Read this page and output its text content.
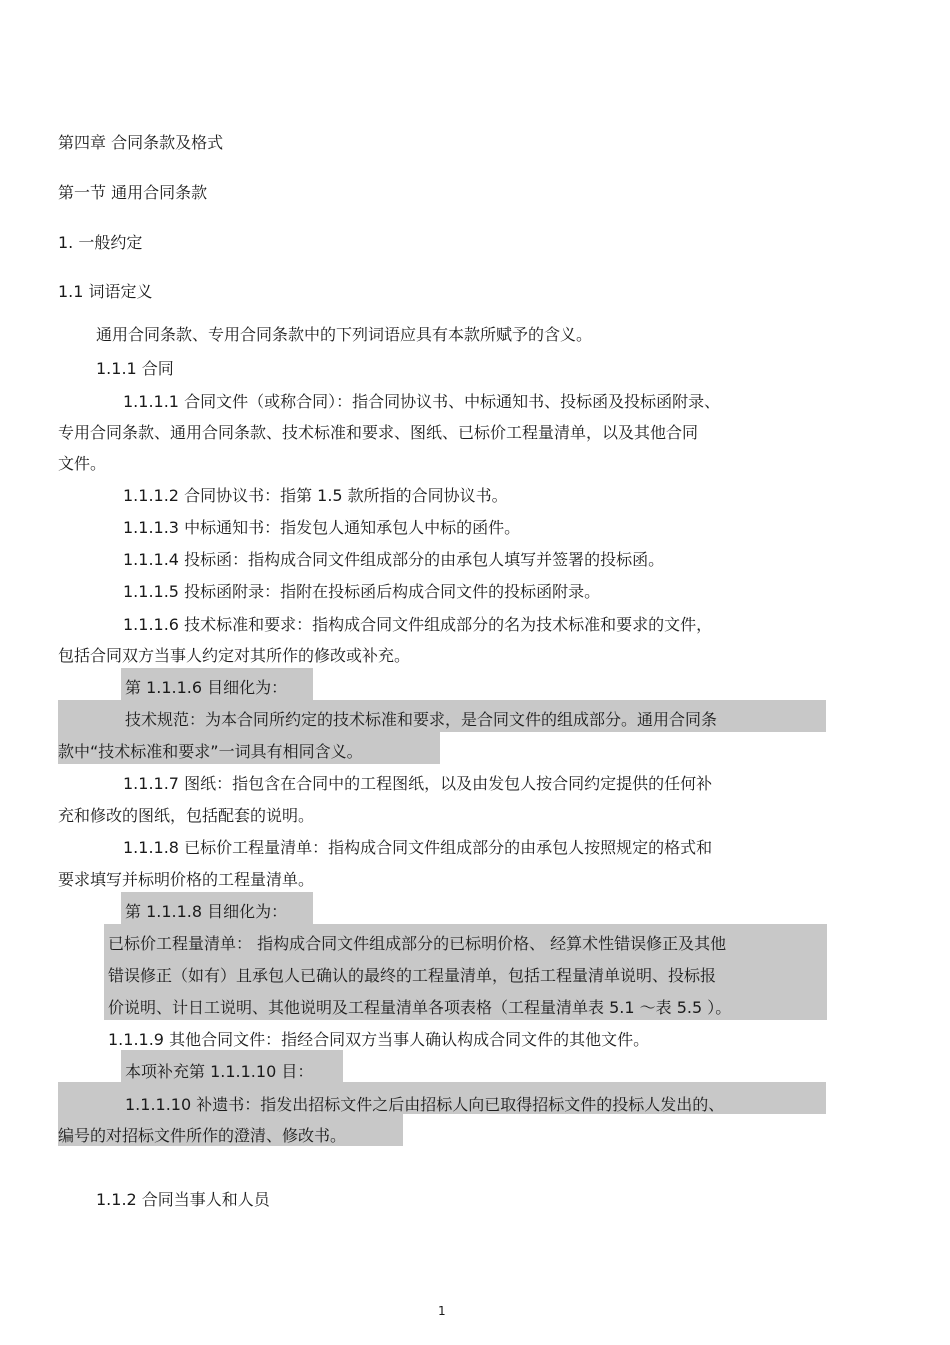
第四章 合同条款及格式
第一节 通用合同条款
1. 一般约定
1.1 词语定义
通用合同条款、专用合同条款中的下列词语应具有本款所赋予的含义。
1.1.1 合同
1.1.1.1 合同文件（或称合同）：指合同协议书、中标通知书、投标函及投标函附录、
专用合同条款、通用合同条款、技术标准和要求、图纸、已标价工程量清单，以及其他合同
文件。
1.1.1.2 合同协议书：指第 1.5 款所指的合同协议书。
1.1.1.3 中标通知书：指发包人通知承包人中标的函件。
1.1.1.4 投标函：指构成合同文件组成部分的由承包人填写并签署的投标函。
1.1.1.5 投标函附录：指附在投标函后构成合同文件的投标函附录。
1.1.1.6 技术标准和要求：指构成合同文件组成部分的名为技术标准和要求的文件，
包括合同双方当事人约定对其所作的修改或补充。
第 1.1.1.6 目细化为：
技术规范：为本合同所约定的技术标准和要求，是合同文件的组成部分。通用合同条
款中“技术标准和要求”一词具有相同含义。
1.1.1.7 图纸：指包含在合同中的工程图纸，以及由发包人按合同约定提供的任何补
充和修改的图纸，包括配套的说明。
1.1.1.8 已标价工程量清单：指构成合同文件组成部分的由承包人按照规定的格式和
要求填写并标明价格的工程量清单。
第 1.1.1.8 目细化为：
已标价工程量清单： 指构成合同文件组成部分的已标明价格、 经算术性错误修正及其他
错误修正（如有）且承包人已确认的最终的工程量清单，包括工程量清单说明、投标报
价说明、计日工说明、其他说明及工程量清单各项表格（工程量清单表 5.1 ～表 5.5 ）。
1.1.1.9 其他合同文件：指经合同双方当事人确认构成合同文件的其他文件。
本项补充第 1.1.1.10 目：
1.1.1.10 补遗书：指发出招标文件之后由招标人向已取得招标文件的投标人发出的、
编号的对招标文件所作的澄清、修改书。
1.1.2 合同当事人和人员
1
